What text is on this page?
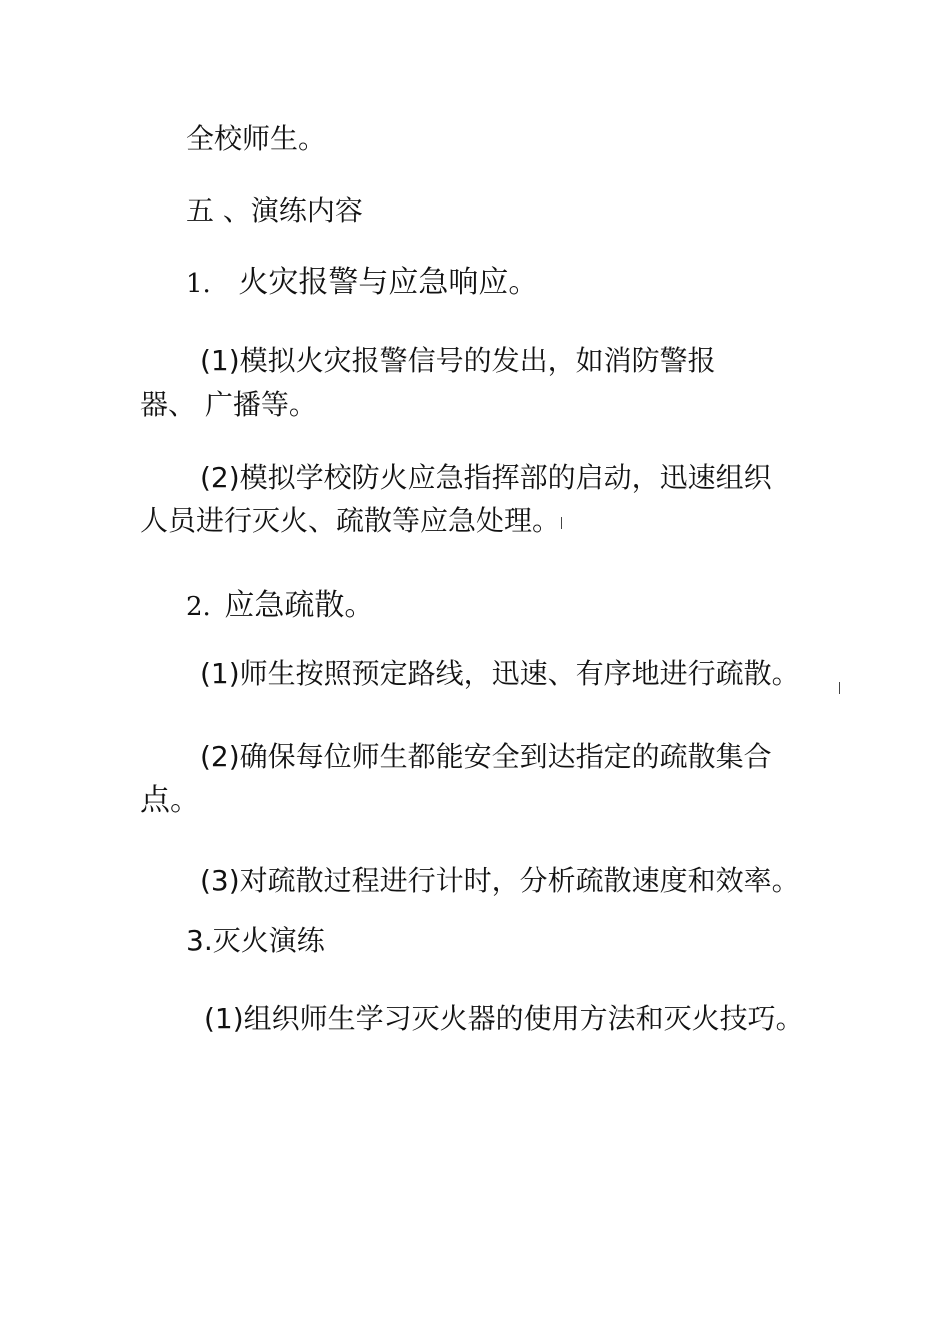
全校师生。
五 、演练内容
1. 火灾报警与应急响应。
(1)模拟火灾报警信号的发出，如消防警报
器、 广播等。
(2)模拟学校防火应急指挥部的启动，迅速组织
人员进行灭火、疏散等应急处理。
2. 应急疏散。
(1)师生按照预定路线，迅速、有序地进行疏散。
(2)确保每位师生都能安全到达指定的疏散集合
点。
(3)对疏散过程进行计时，分析疏散速度和效率。
3.灭火演练
(1)组织师生学习灭火器的使用方法和灭火技巧。
